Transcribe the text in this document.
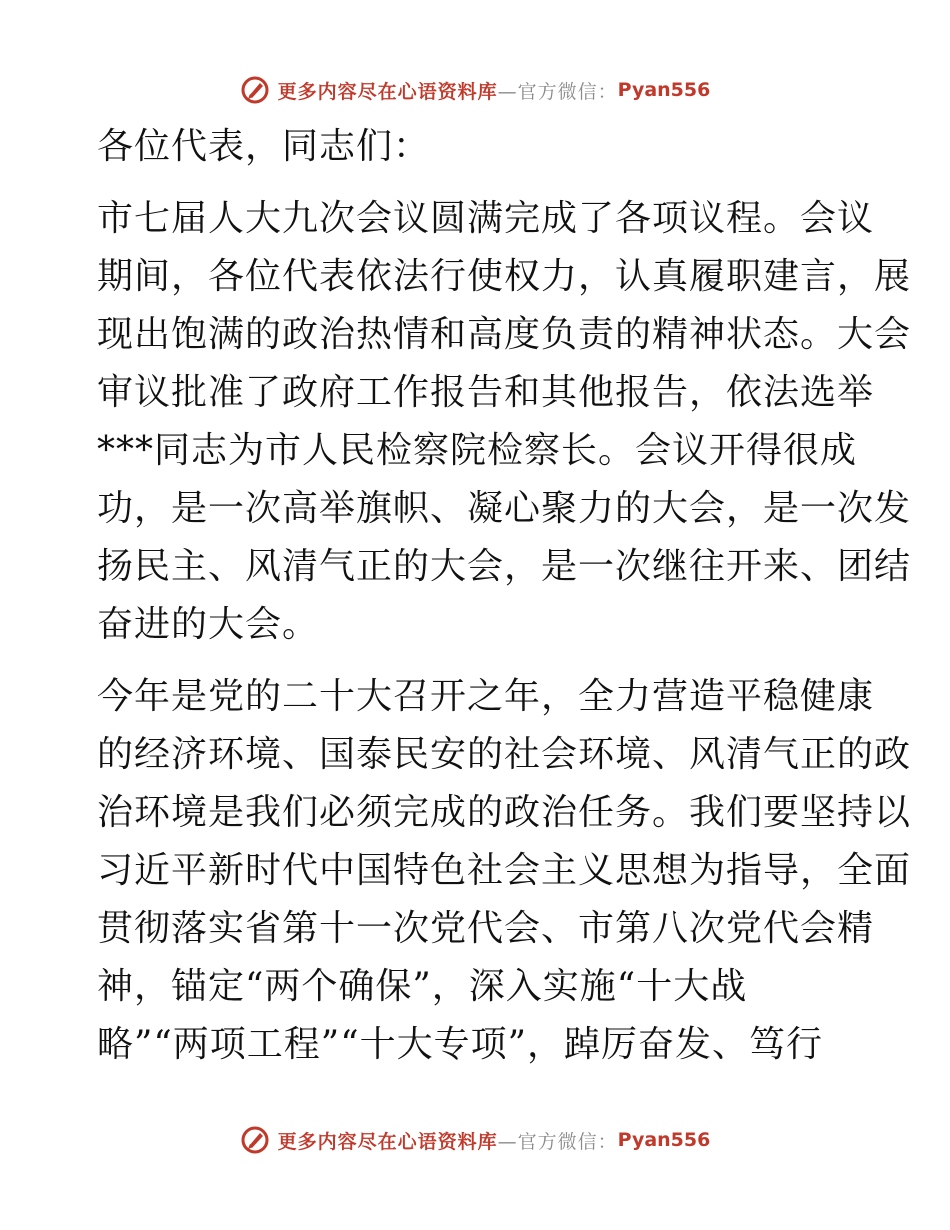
更多内容尽在心语资料库 —官方微信： Pyan556
各位代表，同志们：
市七届人大九次会议圆满完成了各项议程。会议
期间，各位代表依法行使权力，认真履职建言，展
现出饱满的政治热情和高度负责的精神状态。大会
审议批准了政府工作报告和其他报告，依法选举
***同志为市人民检察院检察长。会议开得很成
功，是一次高举旗帜、凝心聚力的大会，是一次发
扬民主、风清气正的大会，是一次继往开来、团结
奋进的大会。
今年是党的二十大召开之年，全力营造平稳健康
的经济环境、国泰民安的社会环境、风清气正的政
治环境是我们必须完成的政治任务。我们要坚持以
习近平新时代中国特色社会主义思想为指导，全面
贯彻落实省第十一次党代会、市第八次党代会精
神，锚定“两个确保”，深入实施“十大战
略”“两项工程”“十大专项”，踔厉奋发、笃行
更多内容尽在心语资料库 —官方微信： Pyan556
